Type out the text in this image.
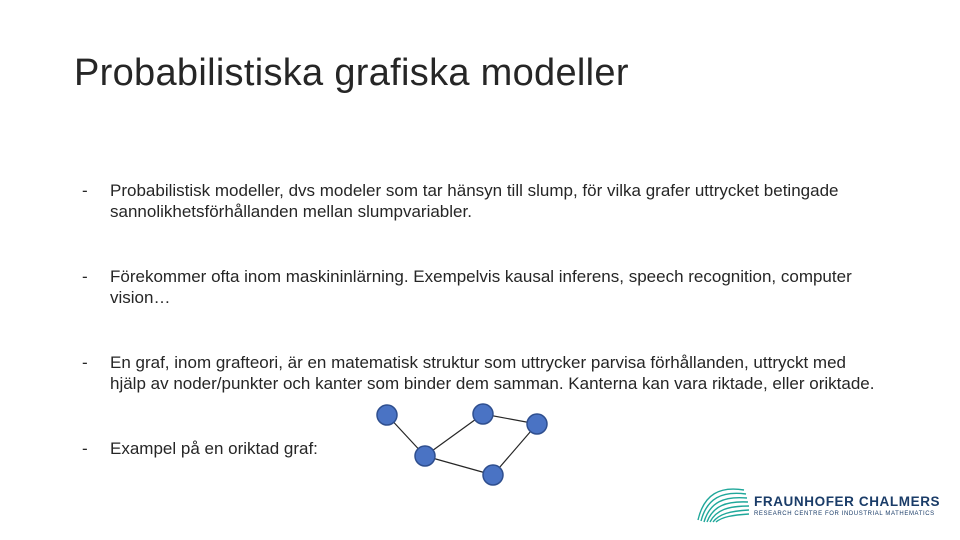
Probabilistiska grafiska modeller
- Probabilistisk modeller, dvs modeler som tar hänsyn till slump, för vilka grafer uttrycket betingade sannolikhetsförhållanden mellan slumpvariabler.
- Förekommer ofta inom maskininlärning. Exempelvis kausal inferens, speech recognition, computer vision…
- En graf, inom grafteori, är en matematisk struktur som uttrycker parvisa förhållanden, uttryckt med hjälp av noder/punkter och kanter som binder dem samman. Kanterna kan vara riktade, eller oriktade.
- Exampel på en oriktad graf:
FRAUNHOFER CHALMERS
RESEARCH CENTRE FOR INDUSTRIAL MATHEMATICS
